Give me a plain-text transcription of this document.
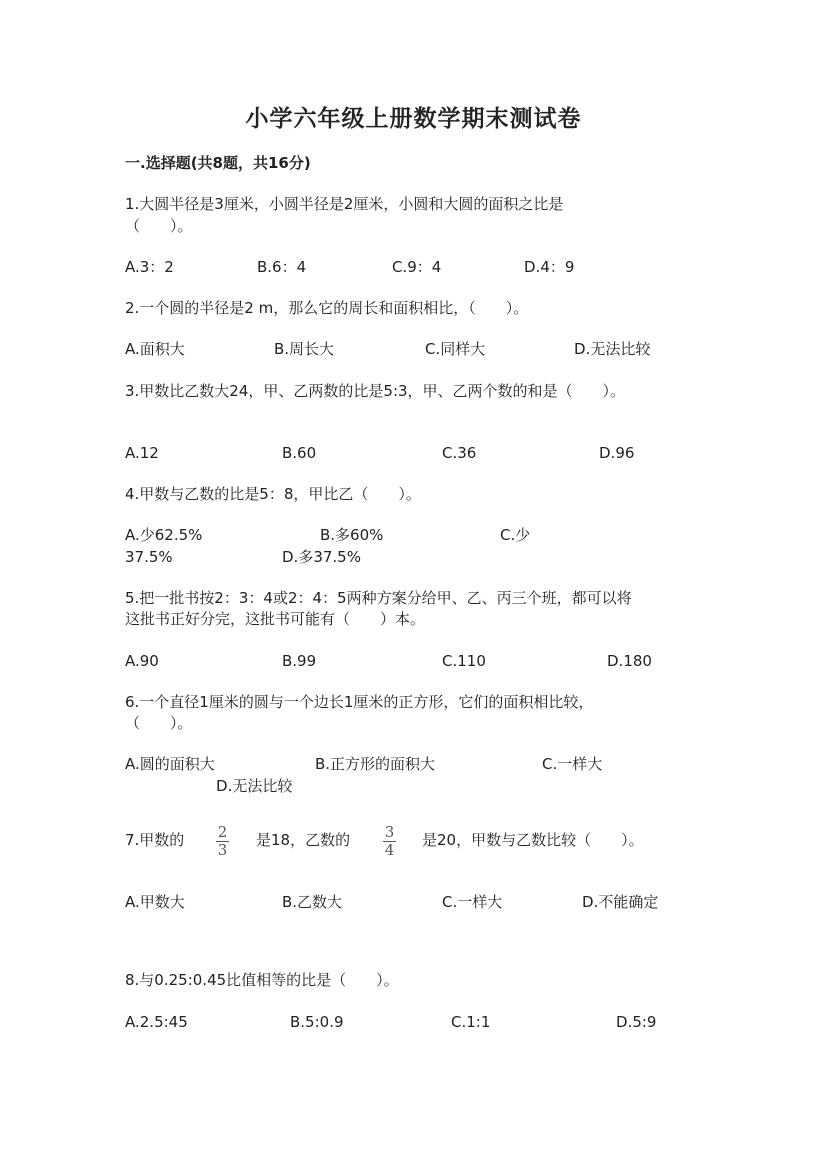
小学六年级上册数学期末测试卷
一.选择题(共8题，共16分)
1.大圆半径是3厘米，小圆半径是2厘米，小圆和大圆的面积之比是
（　　）。
A.3：2	B.6：4	C.9：4	D.4：9
2.一个圆的半径是2 m，那么它的周长和面积相比，（　　）。
A.面积大	B.周长大	C.同样大	D.无法比较
3.甲数比乙数大24，甲、乙两数的比是5:3，甲、乙两个数的和是（　　）。
A.12	B.60	C.36	D.96
4.甲数与乙数的比是5：8，甲比乙（　　）。
A.少62.5%	B.多60%	C.少
37.5%	D.多37.5%
5.把一批书按2：3：4或2：4：5两种方案分给甲、乙、丙三个班，都可以将
这批书正好分完，这批书可能有（　　）本。
A.90	B.99	C.110	D.180
6.一个直径1厘米的圆与一个边长1厘米的正方形，它们的面积相比较，
（　　）。
A.圆的面积大	B.正方形的面积大	C.一样大
D.无法比较
7.甲数的 2
3
是18，乙数的 3
4
是20，甲数与乙数比较（　　）。
A.甲数大	B.乙数大	C.一样大	D.不能确定
8.与0.25:0.45比值相等的比是（　　）。
A.2.5:45	B.5:0.9	C.1:1	D.5:9
